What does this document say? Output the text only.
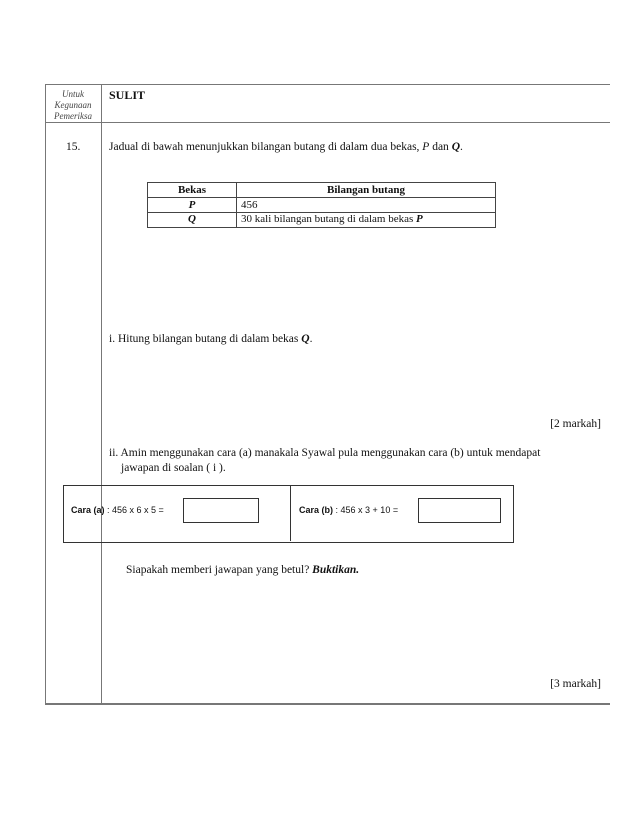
Untuk
Kegunaan
Pemeriksa
SULIT
15. Jadual di bawah menunjukkan bilangan butang di dalam dua bekas, P dan Q.
Bekas	Bilangan butang
P	456
Q	30 kali bilangan butang di dalam bekas P
i. Hitung bilangan butang di dalam bekas Q.
[2 markah]
ii. Amin menggunakan cara (a) manakala Syawal pula menggunakan cara (b) untuk mendapat
jawapan di soalan ( i ).
Cara (a) : 456 x 6 x 5 =	Cara (b) : 456 x 3 + 10 =
Siapakah memberi jawapan yang betul? Buktikan.
[3 markah]
